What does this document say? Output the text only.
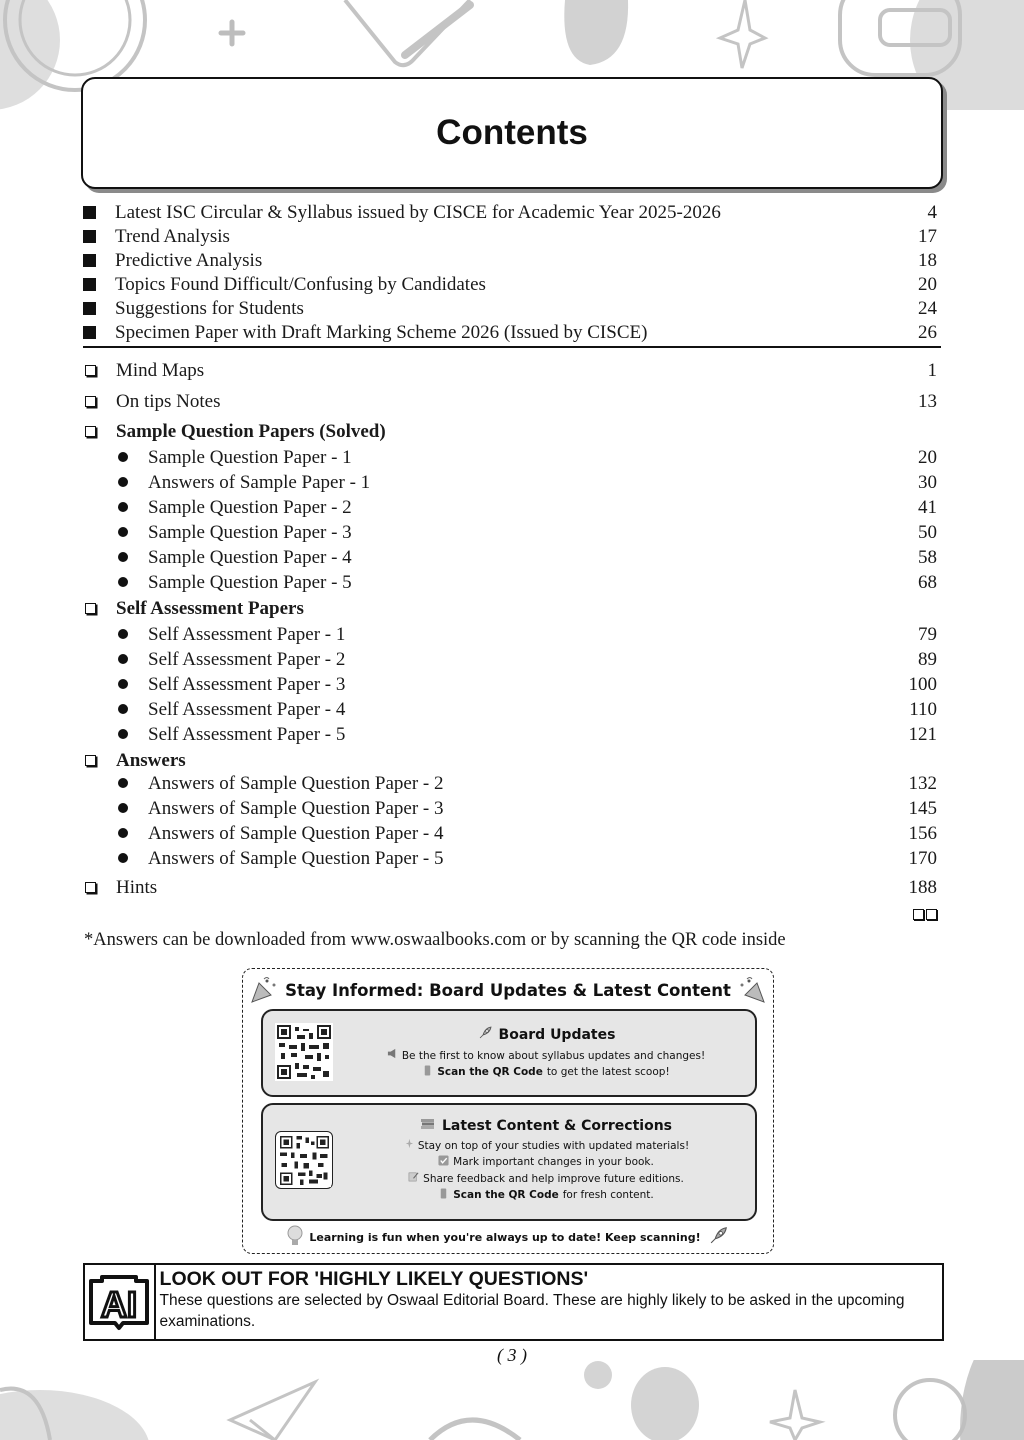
Contents
Latest ISC Circular & Syllabus issued by CISCE for Academic Year 2025-2026	4
Trend Analysis	17
Predictive Analysis	18
Topics Found Difficult/Confusing by Candidates	20
Suggestions for Students	24
Specimen Paper with Draft Marking Scheme 2026 (Issued by CISCE)	26
Mind Maps	1
On tips Notes	13
Sample Question Papers (Solved)
Sample Question Paper - 1	20
Answers of Sample Paper - 1	30
Sample Question Paper - 2	41
Sample Question Paper - 3	50
Sample Question Paper - 4	58
Sample Question Paper - 5	68
Self Assessment Papers
Self Assessment Paper - 1	79
Self Assessment Paper - 2	89
Self Assessment Paper - 3	100
Self Assessment Paper - 4	110
Self Assessment Paper - 5	121
Answers
Answers of Sample Question Paper - 2	132
Answers of Sample Question Paper - 3	145
Answers of Sample Question Paper - 4	156
Answers of Sample Question Paper - 5	170
Hints	188
*Answers can be downloaded from www.oswaalbooks.com or by scanning the QR code inside
Stay Informed: Board Updates & Latest Content
Board Updates
Be the first to know about syllabus updates and changes!
Scan the QR Code to get the latest scoop!
Latest Content & Corrections
Stay on top of your studies with updated materials!
Mark important changes in your book.
Share feedback and help improve future editions.
Scan the QR Code for fresh content.
Learning is fun when you're always up to date! Keep scanning!
AI
LOOK OUT FOR 'HIGHLY LIKELY QUESTIONS'
These questions are selected by Oswaal Editorial Board. These are highly likely to be asked in the upcoming examinations.
( 3 )
